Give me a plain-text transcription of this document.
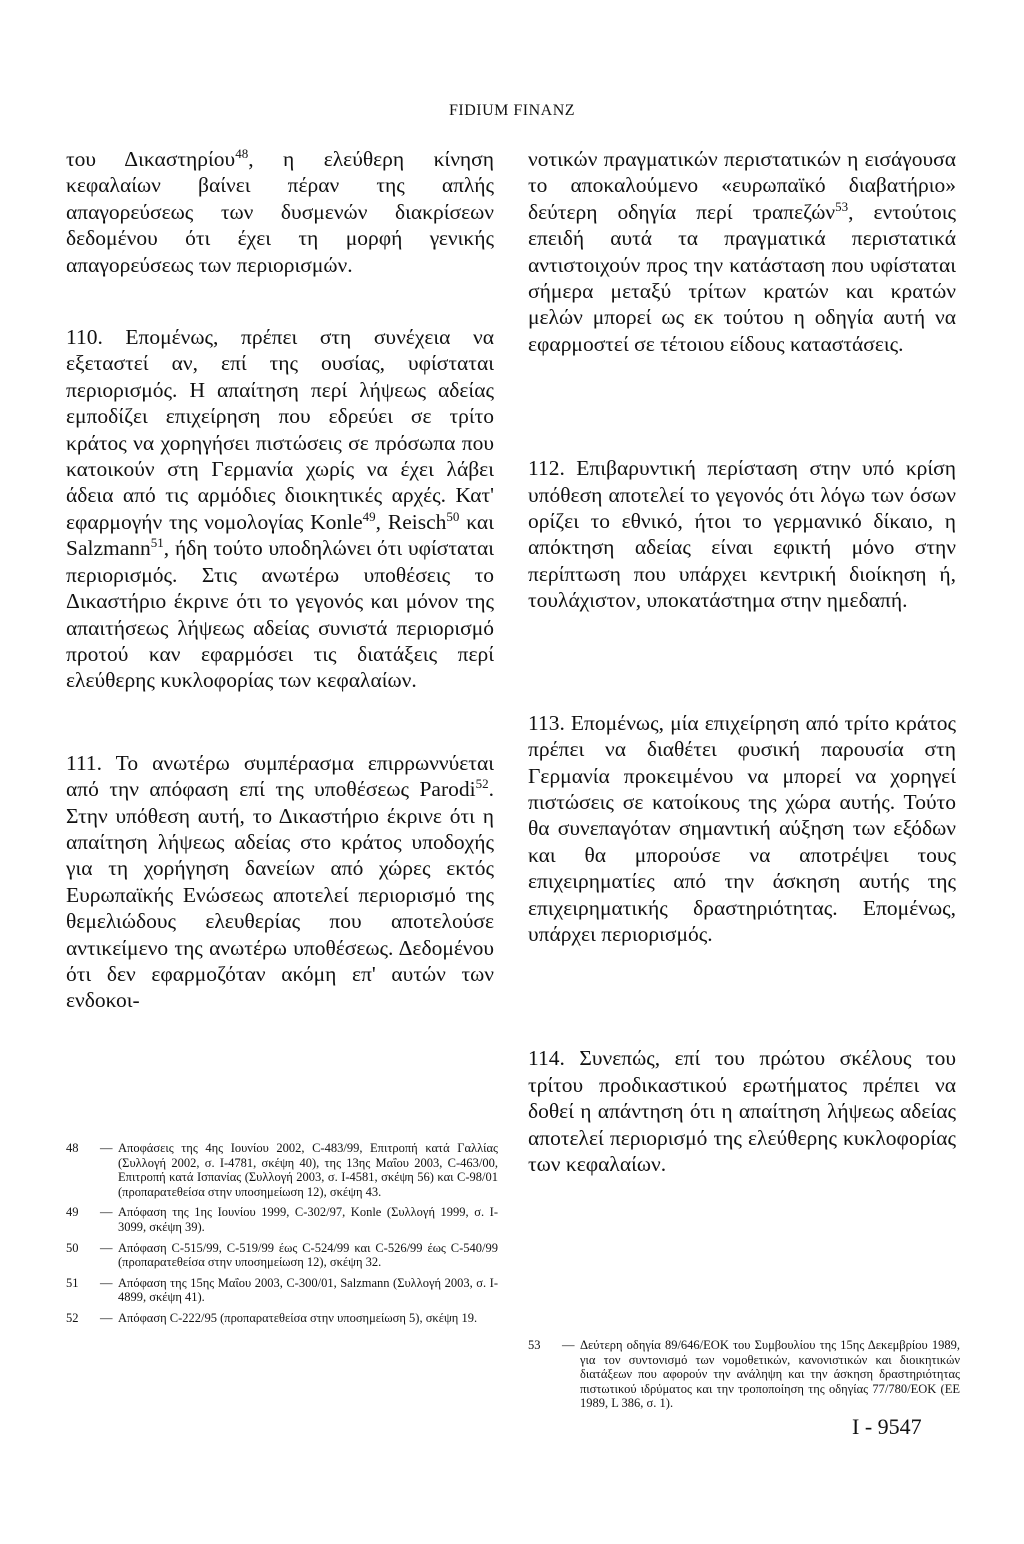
FIDIUM FINANZ

του Δικαστηρίου$^{48}$, η ελεύθερη κίνηση κεφαλαίων βαίνει πέραν της απλής απαγορεύσεως των δυσμενών διακρίσεων δεδομένου ότι έχει τη μορφή γενικής απαγορεύσεως των περιορισμών.

110. Επομένως, πρέπει στη συνέχεια να εξεταστεί αν, επί της ουσίας, υφίσταται περιορισμός. Η απαίτηση περί λήψεως αδείας εμποδίζει επιχείρηση που εδρεύει σε τρίτο κράτος να χορηγήσει πιστώσεις σε πρόσωπα που κατοικούν στη Γερμανία χωρίς να έχει λάβει άδεια από τις αρμόδιες διοικητικές αρχές. Κατ' εφαρμογήν της νομολογίας Konle$^{49}$, Reisch$^{50}$ και Salzmann$^{51}$, ήδη τούτο υποδηλώνει ότι υφίσταται περιορισμός. Στις ανωτέρω υποθέσεις το Δικαστήριο έκρινε ότι το γεγονός και μόνον της απαιτήσεως λήψεως αδείας συνιστά περιορισμό προτού καν εφαρμόσει τις διατάξεις περί ελεύθερης κυκλοφορίας των κεφαλαίων.

111. Το ανωτέρω συμπέρασμα επιρρωννύεται από την απόφαση επί της υποθέσεως Parodi$^{52}$. Στην υπόθεση αυτή, το Δικαστήριο έκρινε ότι η απαίτηση λήψεως αδείας στο κράτος υποδοχής για τη χορήγηση δανείων από χώρες εκτός Ευρωπαϊκής Ενώσεως αποτελεί περιορισμό της θεμελιώδους ελευθερίας που αποτελούσε αντικείμενο της ανωτέρω υποθέσεως. Δεδομένου ότι δεν εφαρμοζόταν ακόμη επ' αυτών των ενδοκοι-

νοτικών πραγματικών περιστατικών η εισάγουσα το αποκαλούμενο «ευρωπαϊκό διαβατήριο» δεύτερη οδηγία περί τραπεζών$^{53}$, εντούτοις επειδή αυτά τα πραγματικά περιστατικά αντιστοιχούν προς την κατάσταση που υφίσταται σήμερα μεταξύ τρίτων κρατών και κρατών μελών μπορεί ως εκ τούτου η οδηγία αυτή να εφαρμοστεί σε τέτοιου είδους καταστάσεις.

112. Επιβαρυντική περίσταση στην υπό κρίση υπόθεση αποτελεί το γεγονός ότι λόγω των όσων ορίζει το εθνικό, ήτοι το γερμανικό δίκαιο, η απόκτηση αδείας είναι εφικτή μόνο στην περίπτωση που υπάρχει κεντρική διοίκηση ή, τουλάχιστον, υποκατάστημα στην ημεδαπή.

113. Επομένως, μία επιχείρηση από τρίτο κράτος πρέπει να διαθέτει φυσική παρουσία στη Γερμανία προκειμένου να μπορεί να χορηγεί πιστώσεις σε κατοίκους της χώρα αυτής. Τούτο θα συνεπαγόταν σημαντική αύξηση των εξόδων και θα μπορούσε να αποτρέψει τους επιχειρηματίες από την άσκηση αυτής της επιχειρηματικής δραστηριότητας. Επομένως, υπάρχει περιορισμός.

114. Συνεπώς, επί του πρώτου σκέλους του τρίτου προδικαστικού ερωτήματος πρέπει να δοθεί η απάντηση ότι η απαίτηση λήψεως αδείας αποτελεί περιορισμό της ελεύθερης κυκλοφορίας των κεφαλαίων.

48	— Αποφάσεις της 4ης Ιουνίου 2002, C-483/99, Επιτροπή κατά Γαλλίας (Συλλογή 2002, σ. I-4781, σκέψη 40), της 13ης Μαΐου 2003, C-463/00, Επιτροπή κατά Ισπανίας (Συλλογή 2003, σ. I-4581, σκέψη 56) και C-98/01 (προπαρατεθείσα στην υποσημείωση 12), σκέψη 43.
49	— Απόφαση της 1ης Ιουνίου 1999, C-302/97, Konle (Συλλογή 1999, σ. I-3099, σκέψη 39).
50	— Απόφαση C-515/99, C-519/99 έως C-524/99 και C-526/99 έως C-540/99 (προπαρατεθείσα στην υποσημείωση 12), σκέψη 32.
51	— Απόφαση της 15ης Μαΐου 2003, C-300/01, Salzmann (Συλλογή 2003, σ. I-4899, σκέψη 41).
52	— Απόφαση C-222/95 (προπαρατεθείσα στην υποσημείωση 5), σκέψη 19.
53	— Δεύτερη οδηγία 89/646/ΕΟΚ του Συμβουλίου της 15ης Δεκεμβρίου 1989, για τον συντονισμό των νομοθετικών, κανονιστικών και διοικητικών διατάξεων που αφορούν την ανάληψη και την άσκηση δραστηριότητας πιστωτικού ιδρύματος και την τροποποίηση της οδηγίας 77/780/ΕΟΚ (ΕΕ 1989, L 386, σ. 1).
I - 9547
